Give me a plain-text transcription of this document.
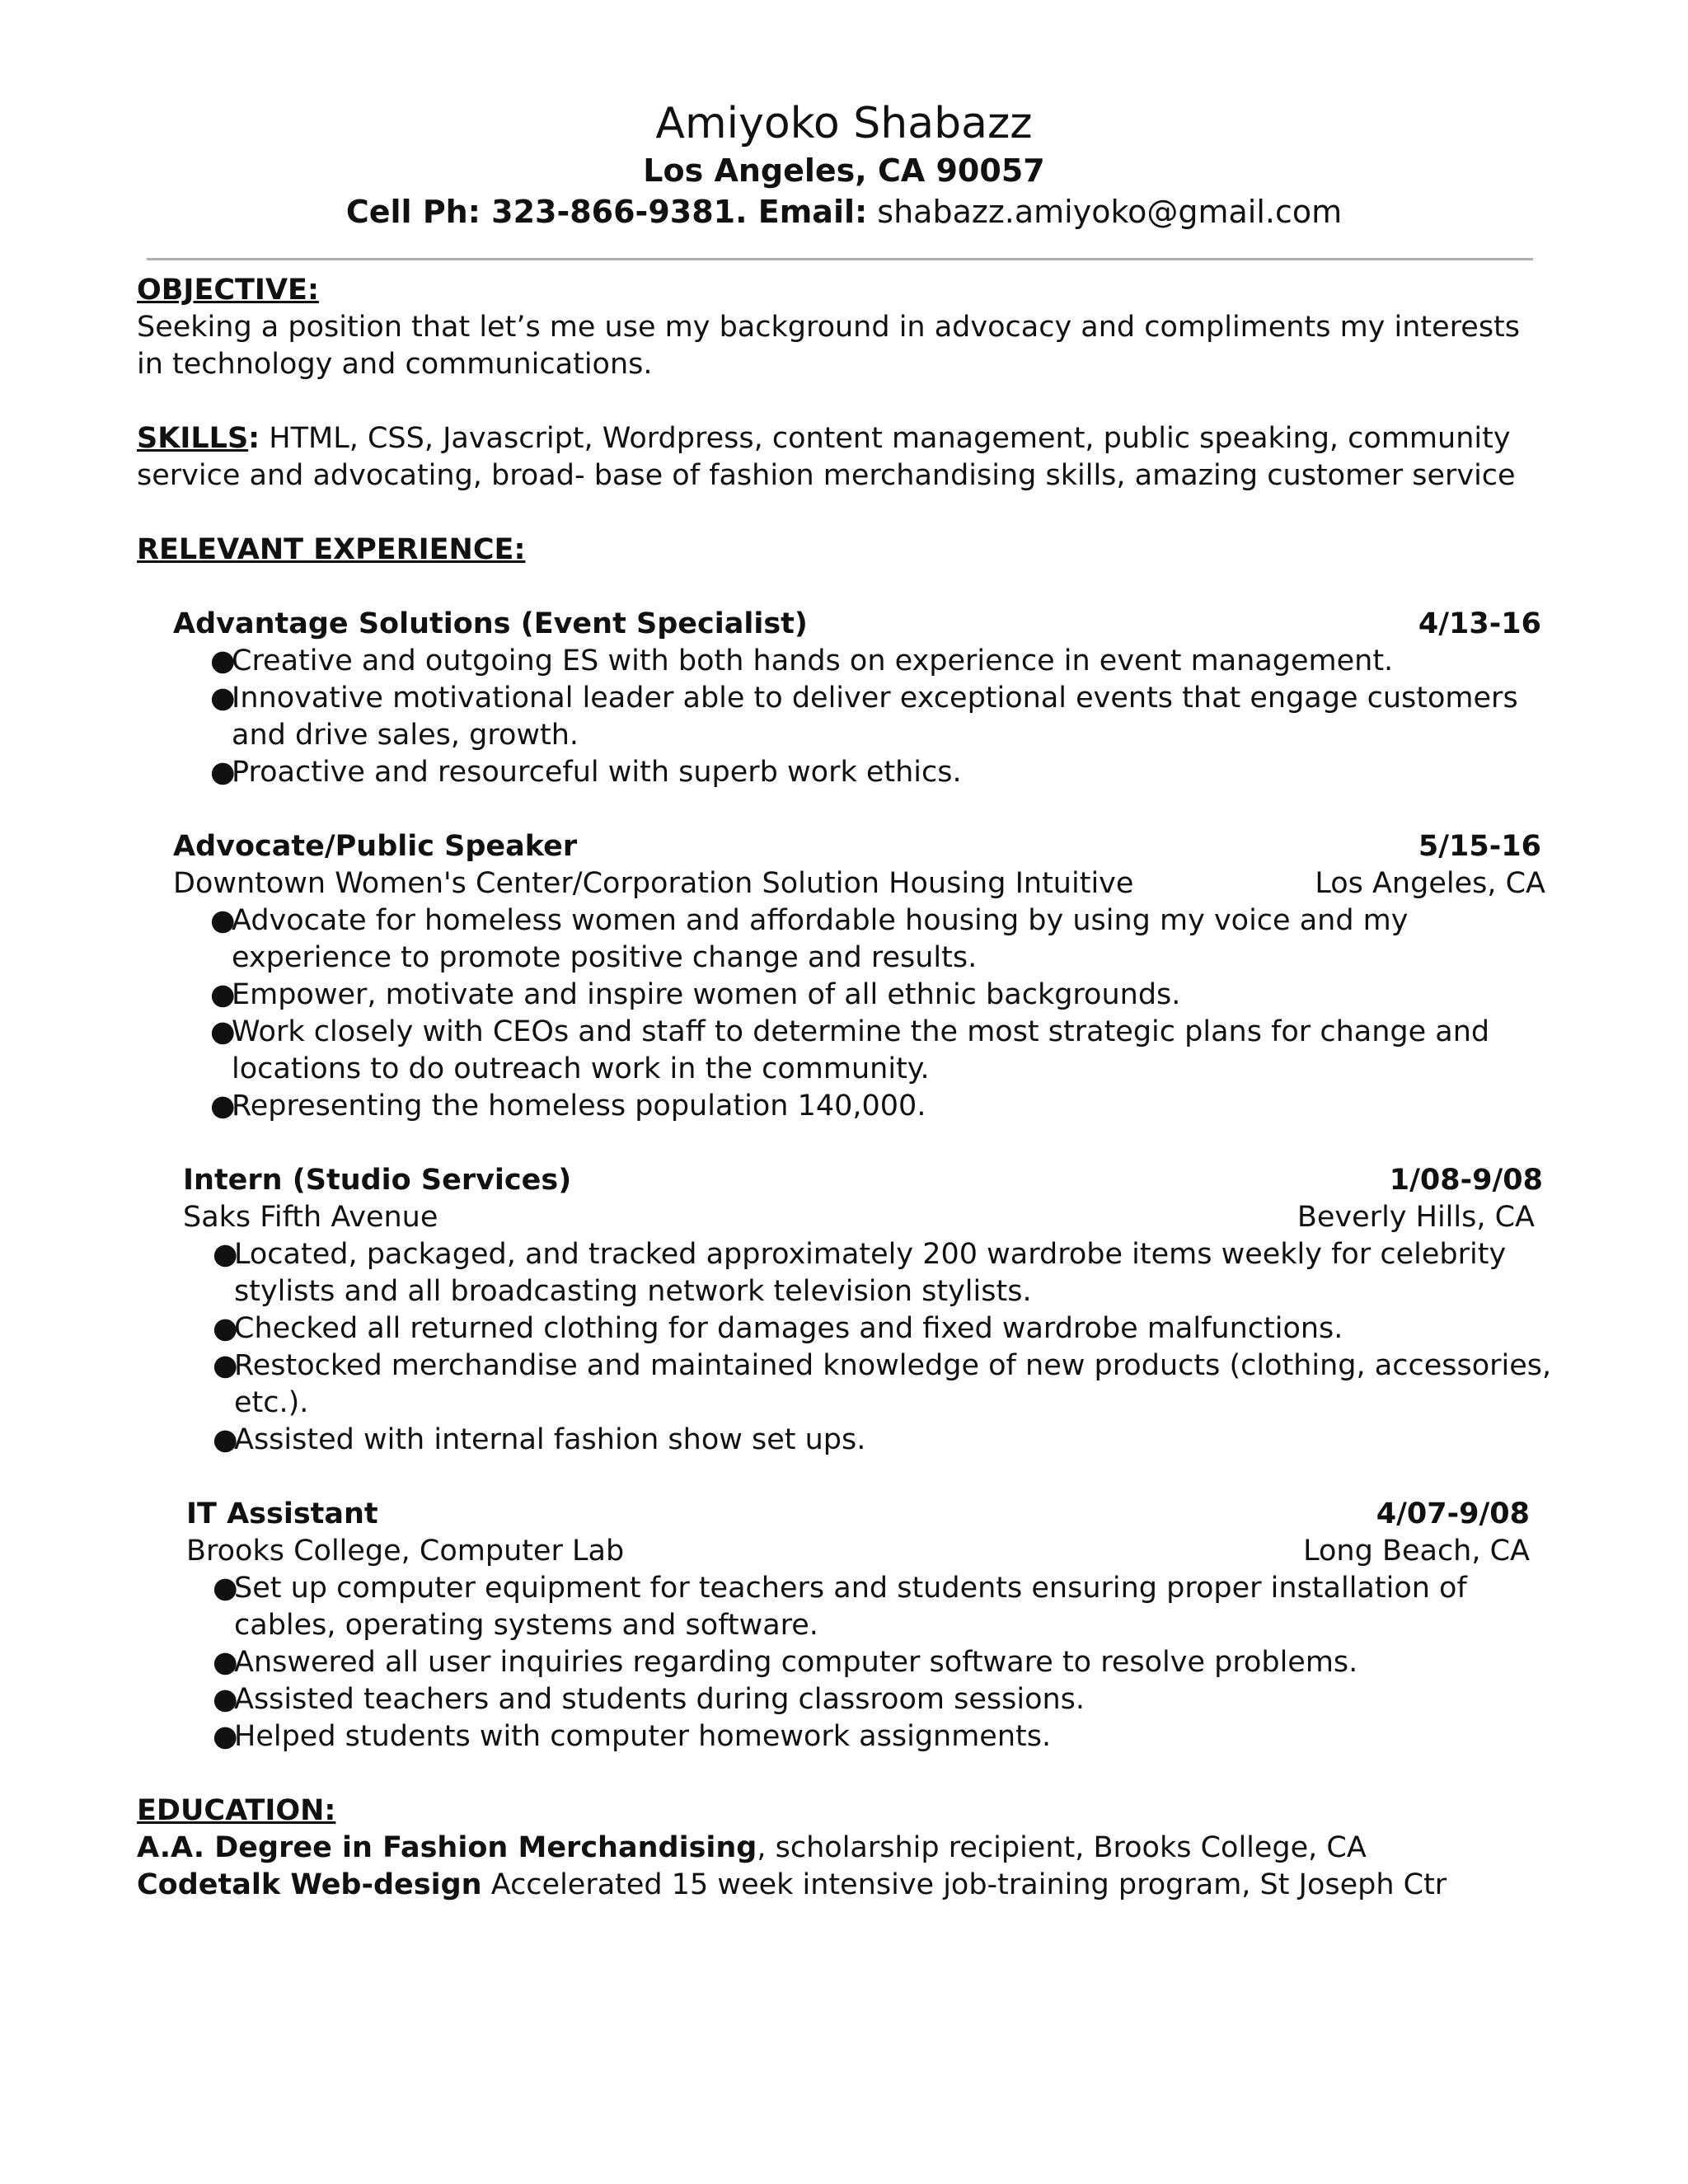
Amiyoko Shabazz

Los Angeles, CA 90057

Cell Ph: 323-866-9381. Email: shabazz.amiyoko@gmail.com

OBJECTIVE:

Seeking a position that let’s me use my background in advocacy and compliments my interests in technology and communications.

SKILLS: HTML, CSS, Javascript, Wordpress, content management, public speaking, community service and advocating, broad- base of fashion merchandising skills, amazing customer service

RELEVANT EXPERIENCE:

Advantage Solutions (Event Specialist)	4/13-16
●
Creative and outgoing ES with both hands on experience in event management.
●
Innovative motivational leader able to deliver exceptional events that engage customers and drive sales, growth.
●
Proactive and resourceful with superb work ethics.
Advocate/Public Speaker	5/15-16
Downtown Women's Center/Corporation Solution Housing Intuitive	Los Angeles, CA
●
Advocate for homeless women and affordable housing by using my voice and my experience to promote positive change and results.
●
Empower, motivate and inspire women of all ethnic backgrounds.
●
Work closely with CEOs and staff to determine the most strategic plans for change and locations to do outreach work in the community.
●
Representing the homeless population 140,000.
Intern (Studio Services)	1/08-9/08
Saks Fifth Avenue	Beverly Hills, CA
●
Located, packaged, and tracked approximately 200 wardrobe items weekly for celebrity stylists and all broadcasting network television stylists.
●
Checked all returned clothing for damages and fixed wardrobe malfunctions.
●
Restocked merchandise and maintained knowledge of new products (clothing, accessories, etc.).
●
Assisted with internal fashion show set ups.
IT Assistant	4/07-9/08
Brooks College, Computer Lab	Long Beach, CA
●
Set up computer equipment for teachers and students ensuring proper installation of cables, operating systems and software.
●
Answered all user inquiries regarding computer software to resolve problems.
●
Assisted teachers and students during classroom sessions.
●
Helped students with computer homework assignments.

EDUCATION:

A.A. Degree in Fashion Merchandising, scholarship recipient, Brooks College, CA

Codetalk Web-design Accelerated 15 week intensive job-training program, St Joseph Ctr
